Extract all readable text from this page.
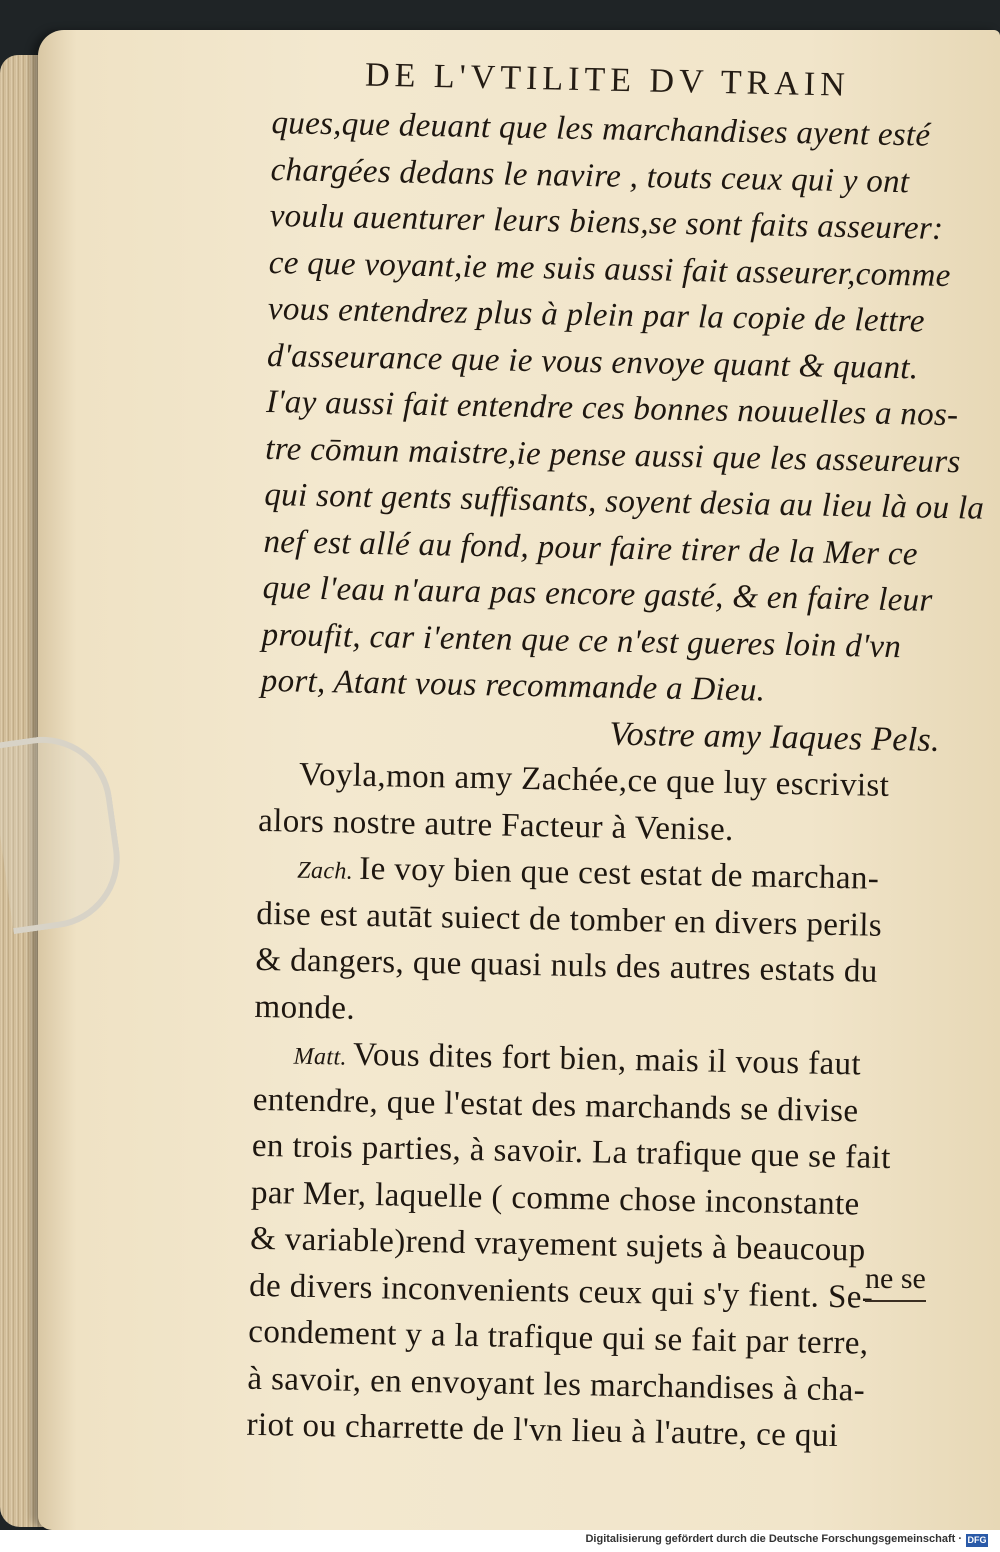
DE L'VTILITE DV TRAIN
ques,que deuant que les marchandises ayent esté
chargées dedans le navire , touts ceux qui y ont
voulu auenturer leurs biens,se sont faits asseurer:
ce que voyant,ie me suis aussi fait asseurer,comme
vous entendrez plus à plein par la copie de lettre
d'asseurance que ie vous envoye quant & quant.
I'ay aussi fait entendre ces bonnes nouuelles a nos-
tre cōmun maistre,ie pense aussi que les asseureurs
qui sont gents suffisants, soyent desia au lieu là ou la
nef est allé au fond, pour faire tirer de la Mer ce
que l'eau n'aura pas encore gasté, & en faire leur
proufit, car i'enten que ce n'est gueres loin d'vn
port, Atant vous recommande a Dieu.
Vostre amy Iaques Pels.
Voyla,mon amy Zachée,ce que luy escrivist
alors nostre autre Facteur à Venise.
Zach. Ie voy bien que cest estat de marchan-
dise est autāt suiect de tomber en divers perils
& dangers, que quasi nuls des autres estats du
monde.
Matt. Vous dites fort bien, mais il vous faut
entendre, que l'estat des marchands se divise
en trois parties, à savoir. La trafique que se fait
par Mer, laquelle ( comme chose inconstante
& variable)rend vrayement sujets à beaucoup
de divers inconvenients ceux qui s'y fient. Se-
condement y a la trafique qui se fait par terre,
à savoir, en envoyant les marchandises à cha-
riot ou charrette de l'vn lieu à l'autre, ce qui
ne se
Digitalisierung gefördert durch die Deutsche Forschungsgemeinschaft · DFG
